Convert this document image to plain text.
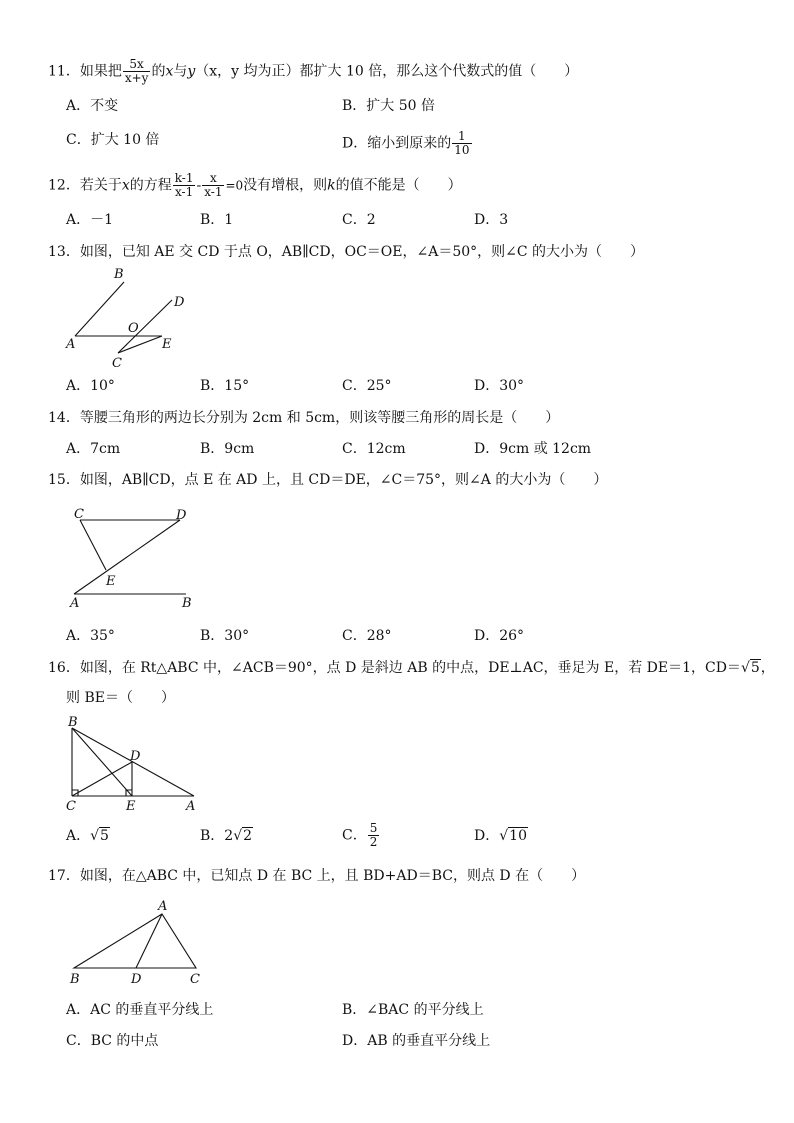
11．如果把 $\frac{5x}{x+y}$ 的x与y（x，y 均为正）都扩大 10 倍，那么这个代数式的值（　　）
A．不变	B．扩大 50 倍
C．扩大 10 倍	D．缩小到原来的 $\frac{1}{10}$
12．若关于x的方程 $\frac{k-1}{x-1} - \frac{x}{x-1} =0$没有增根，则k的值不能是（　　）
A．－1	B．1	C．2	D．3
13．如图，已知 AE 交 CD 于点 O，AB∥CD，OC＝OE，∠A＝50°，则∠C 的大小为（　　）
B
D
O
A	E
C
A．10°	B．15°	C．25°	D．30°
14．等腰三角形的两边长分别为 2cm 和 5cm，则该等腰三角形的周长是（　　）
A．7cm	B．9cm	C．12cm	D．9cm 或 12cm
15．如图，AB∥CD，点 E 在 AD 上，且 CD＝DE，∠C＝75°，则∠A 的大小为（　　）
C	D
E
A	B
A．35°	B．30°	C．28°	D．26°
16．如图，在 Rt△ABC 中，∠ACB＝90°，点 D 是斜边 AB 的中点，DE⊥AC，垂足为 E，若 DE＝1，CD＝√5，
则 BE＝（　　）
B
D
C	E	A
A．√5	B．2√2	C． $\frac{5}{2}$	D．√10
17．如图，在△ABC 中，已知点 D 在 BC 上，且 BD+AD＝BC，则点 D 在（　　）
A
B	D	C
A．AC 的垂直平分线上	B．∠BAC 的平分线上
C．BC 的中点	D．AB 的垂直平分线上
